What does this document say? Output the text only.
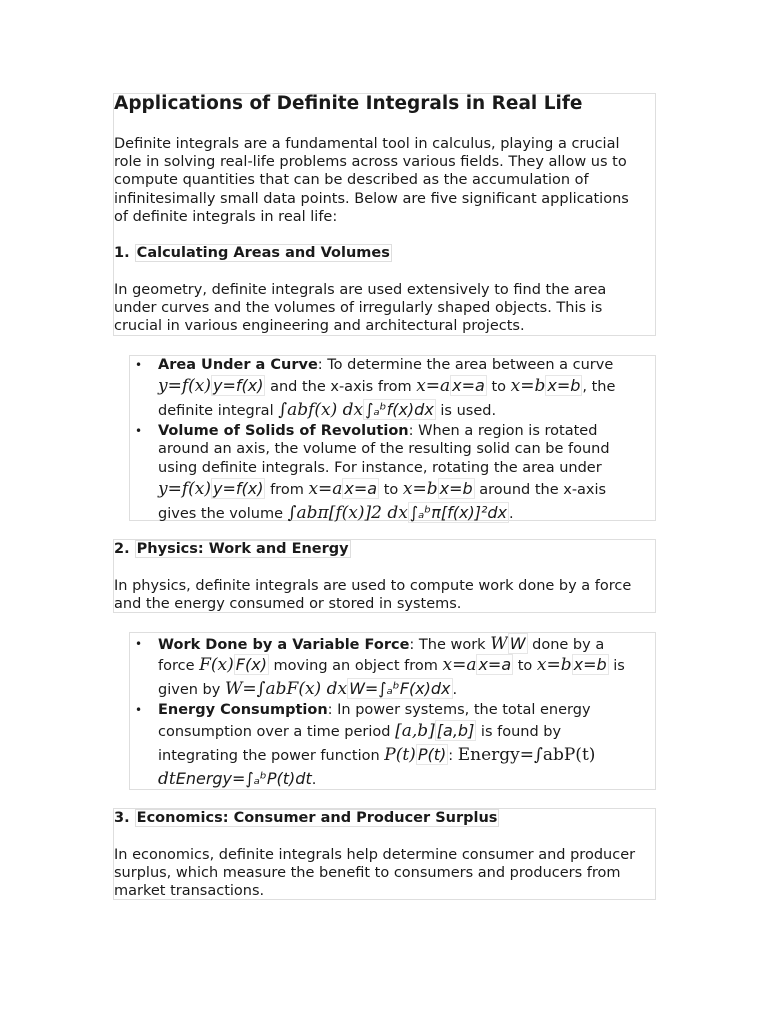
Applications of Definite Integrals in Real Life
Definite integrals are a fundamental tool in calculus, playing a crucial
role in solving real-life problems across various fields. They allow us to
compute quantities that can be described as the accumulation of
infinitesimally small data points. Below are five significant applications
of definite integrals in real life:
1. Calculating Areas and Volumes
In geometry, definite integrals are used extensively to find the area
under curves and the volumes of irregularly shaped objects. This is
crucial in various engineering and architectural projects.
• Area Under a Curve: To determine the area between a curve
y=f(x) y=f(x) and the x-axis from x=a x=a to x=b x=b , the
definite integral ∫abf(x) dx ∫ₐᵇf(x)dx is used.
• Volume of Solids of Revolution: When a region is rotated
around an axis, the volume of the resulting solid can be found
using definite integrals. For instance, rotating the area under
y=f(x) y=f(x) from x=a x=a to x=b x=b around the x-axis
gives the volume ∫abπ[f(x)]2 dx ∫ₐᵇπ[f(x)]²dx .
2. Physics: Work and Energy
In physics, definite integrals are used to compute work done by a force
and the energy consumed or stored in systems.
• Work Done by a Variable Force: The work W W done by a
force F(x) F(x) moving an object from x=a x=a to x=b x=b is
given by W=∫abF(x) dx W=∫ₐᵇF(x)dx .
• Energy Consumption: In power systems, the total energy
consumption over a time period [a,b] [a,b] is found by
integrating the power function P(t) P(t) : Energy=∫abP(t)
dtEnergy=∫ₐᵇP(t)dt.
3. Economics: Consumer and Producer Surplus
In economics, definite integrals help determine consumer and producer
surplus, which measure the benefit to consumers and producers from
market transactions.
